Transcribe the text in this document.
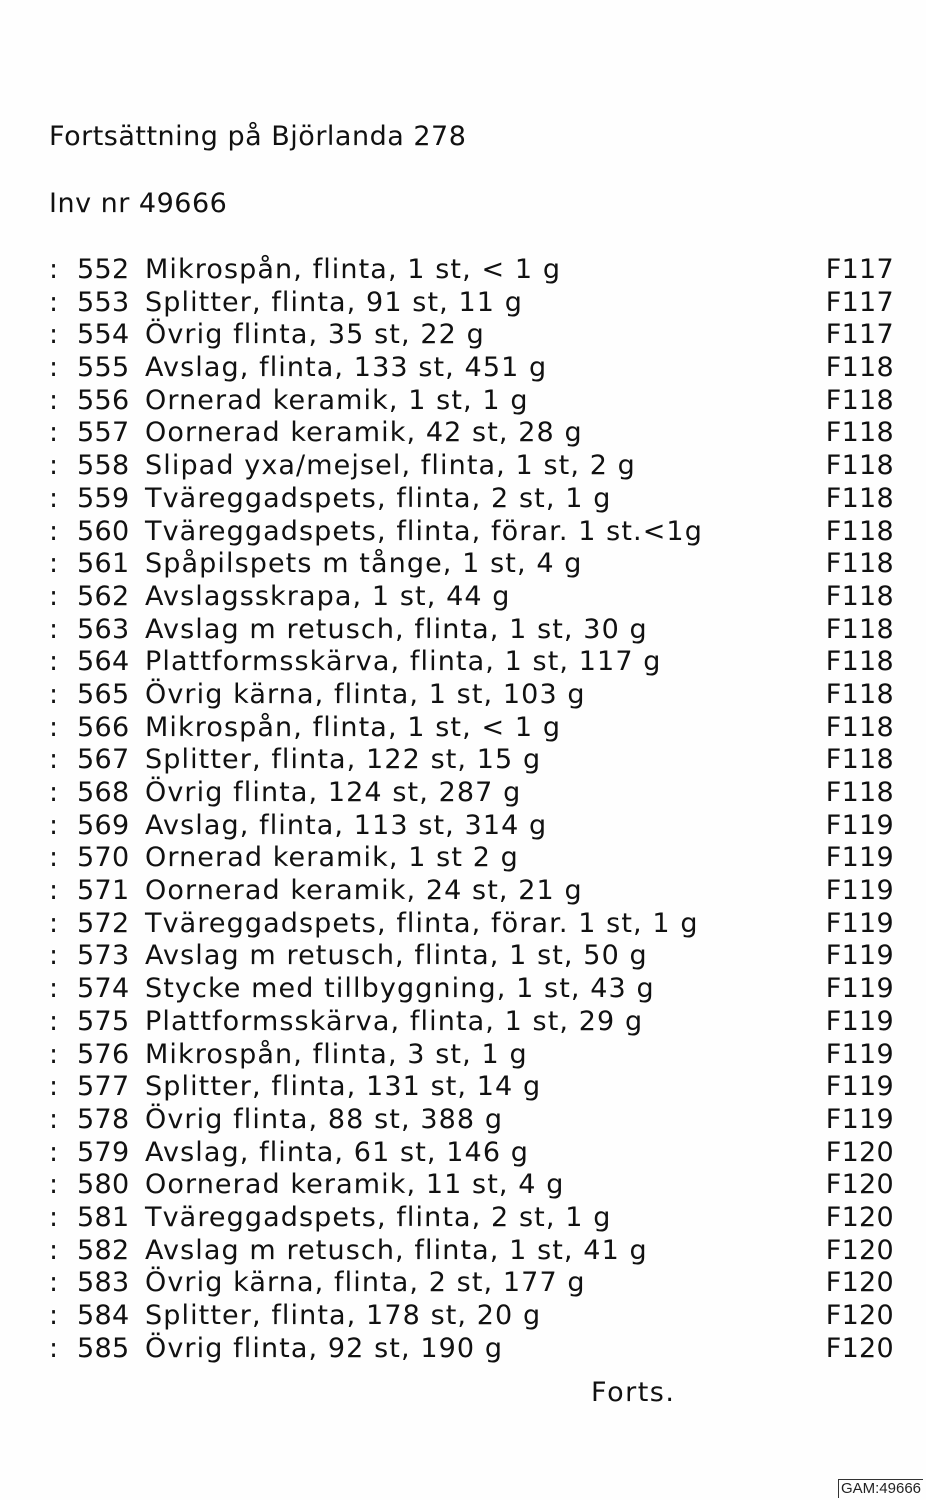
Fortsättning på Björlanda 278
Inv nr 49666
: 552 Mikrospån, flinta, 1 st, < 1 g	F117
: 553 Splitter, flinta, 91 st, 11 g	F117
: 554 Övrig flinta, 35 st, 22 g	F117
: 555 Avslag, flinta, 133 st, 451 g	F118
: 556 Ornerad keramik, 1 st, 1 g	F118
: 557 Oornerad keramik, 42 st, 28 g	F118
: 558 Slipad yxa/mejsel, flinta, 1 st, 2 g	F118
: 559 Tväreggadspets, flinta, 2 st, 1 g	F118
: 560 Tväreggadspets, flinta, förar. 1 st.<1g	F118
: 561 Spåpilspets m tånge, 1 st, 4 g	F118
: 562 Avslagsskrapa, 1 st, 44 g	F118
: 563 Avslag m retusch, flinta, 1 st, 30 g	F118
: 564 Plattformsskärva, flinta, 1 st, 117 g	F118
: 565 Övrig kärna, flinta, 1 st, 103 g	F118
: 566 Mikrospån, flinta, 1 st, < 1 g	F118
: 567 Splitter, flinta, 122 st, 15 g	F118
: 568 Övrig flinta, 124 st, 287 g	F118
: 569 Avslag, flinta, 113 st, 314 g	F119
: 570 Ornerad keramik, 1 st 2 g	F119
: 571 Oornerad keramik, 24 st, 21 g	F119
: 572 Tväreggadspets, flinta, förar. 1 st, 1 g	F119
: 573 Avslag m retusch, flinta, 1 st, 50 g	F119
: 574 Stycke med tillbyggning, 1 st, 43 g	F119
: 575 Plattformsskärva, flinta, 1 st, 29 g	F119
: 576 Mikrospån, flinta, 3 st, 1 g	F119
: 577 Splitter, flinta, 131 st, 14 g	F119
: 578 Övrig flinta, 88 st, 388 g	F119
: 579 Avslag, flinta, 61 st, 146 g	F120
: 580 Oornerad keramik, 11 st, 4 g	F120
: 581 Tväreggadspets, flinta, 2 st, 1 g	F120
: 582 Avslag m retusch, flinta, 1 st, 41 g	F120
: 583 Övrig kärna, flinta, 2 st, 177 g	F120
: 584 Splitter, flinta, 178 st, 20 g	F120
: 585 Övrig flinta, 92 st, 190 g	F120
Forts.
GAM:49666
